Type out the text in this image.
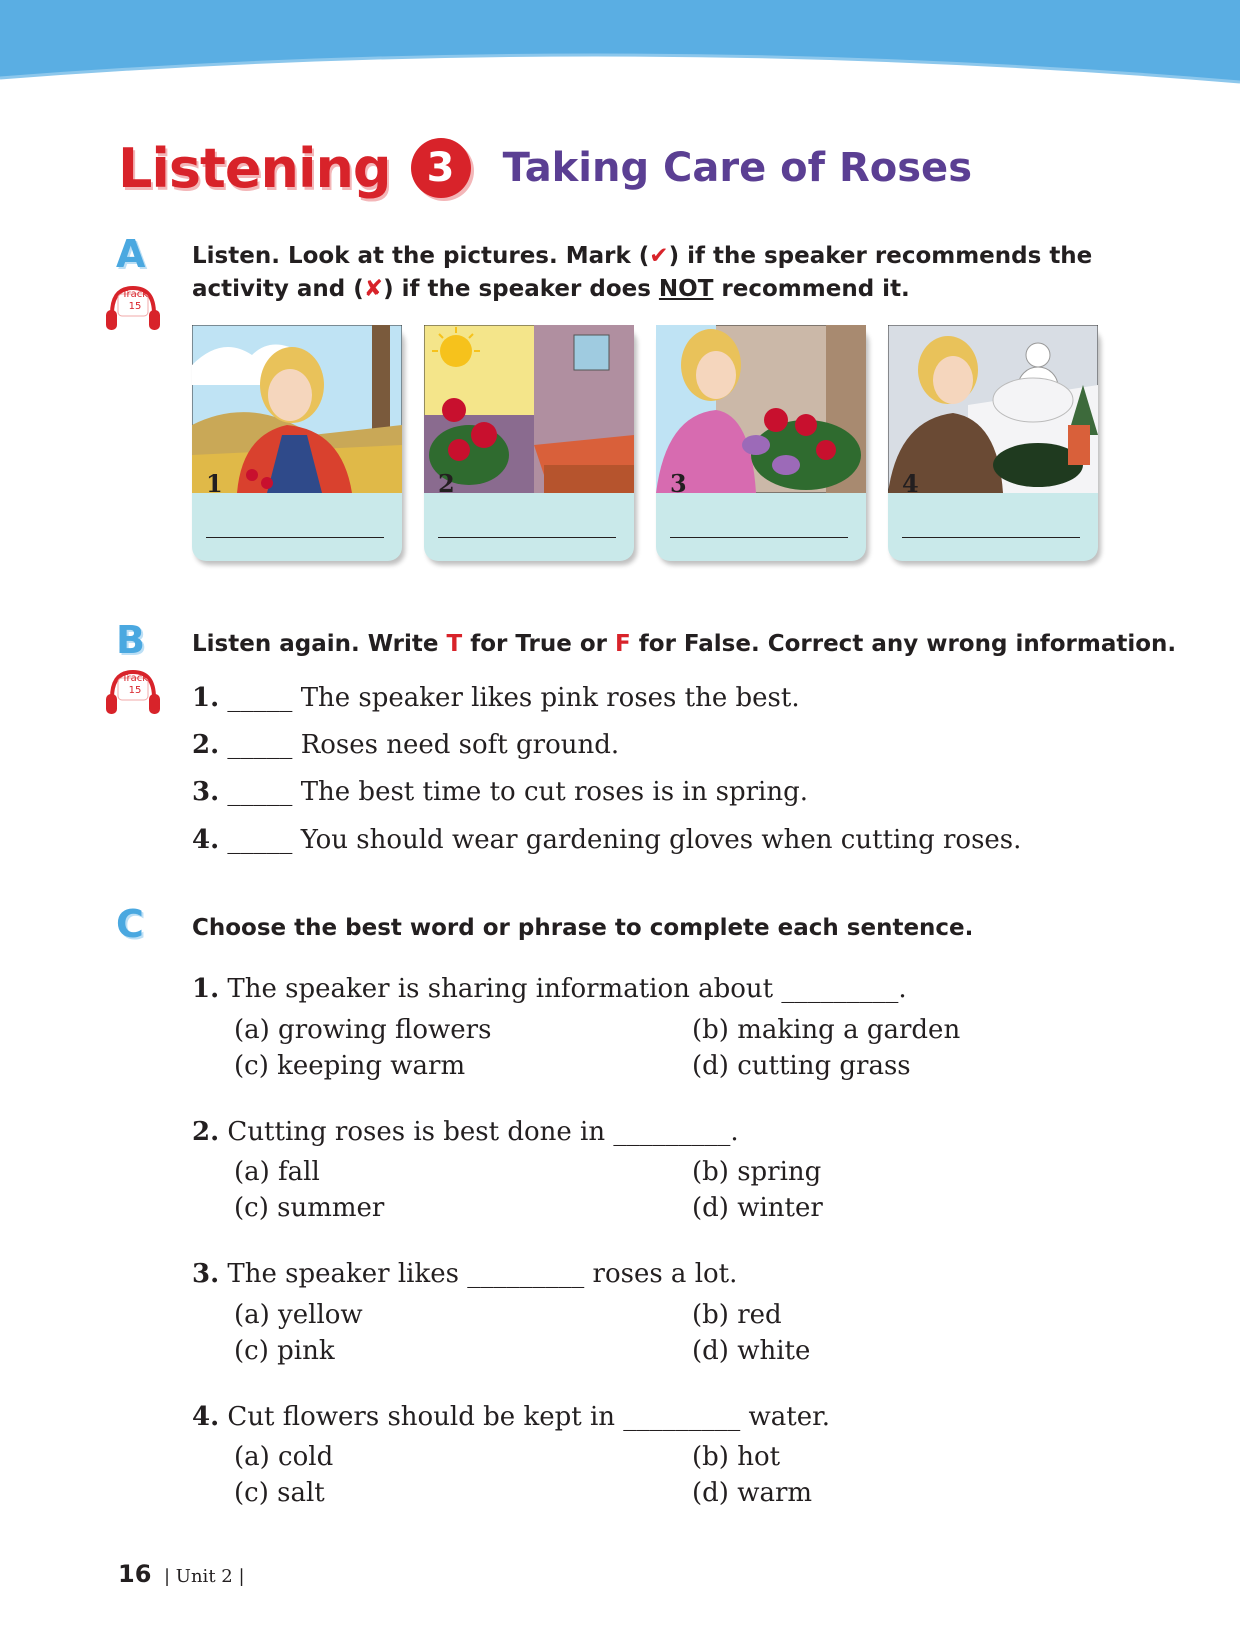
Listening 3	Taking Care of Roses
A
Track
15
Listen. Look at the pictures. Mark (✔) if the speaker recommends the
activity and (✘) if the speaker does NOT recommend it.
1	2	3	4
B
Track
15
Listen again. Write T for True or F for False. Correct any wrong information.
1. _____ The speaker likes pink roses the best.
2. _____ Roses need soft ground.
3. _____ The best time to cut roses is in spring.
4. _____ You should wear gardening gloves when cutting roses.
C Choose the best word or phrase to complete each sentence.
1. The speaker is sharing information about _________.
(a) growing flowers	(b) making a garden
(c) keeping warm	(d) cutting grass
2. Cutting roses is best done in _________.
(a) fall	(b) spring
(c) summer	(d) winter
3. The speaker likes _________ roses a lot.
(a) yellow	(b) red
(c) pink	(d) white
4. Cut flowers should be kept in _________ water.
(a) cold	(b) hot
(c) salt	(d) warm
16 | Unit 2 |
